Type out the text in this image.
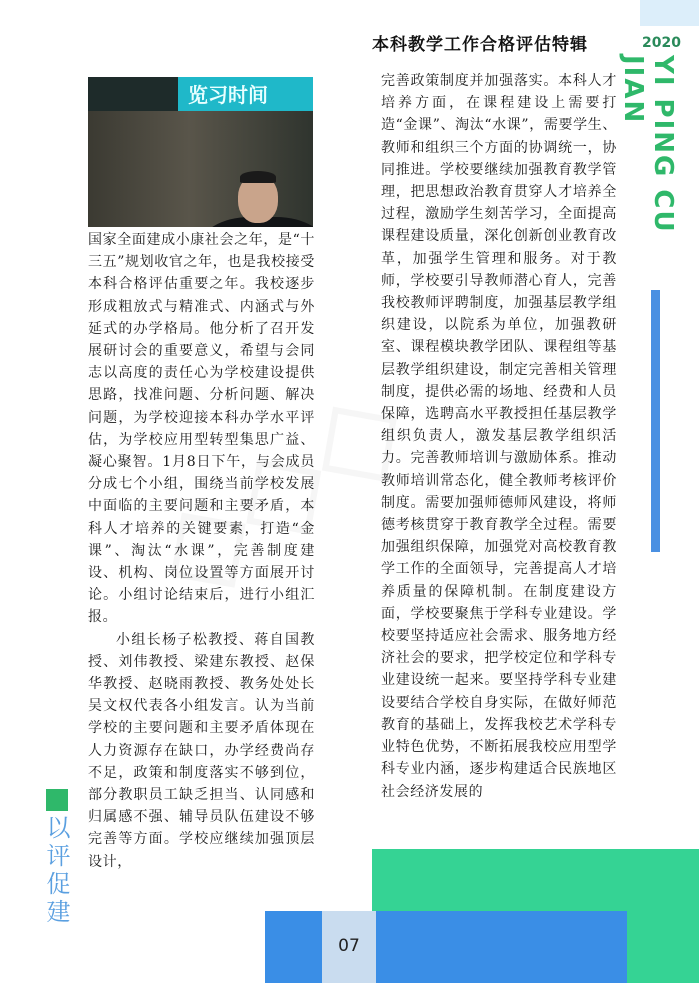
本科教学工作合格评估特辑	2020
YI PING CU JIAN
览习时间

国家全面建成小康社会之年，是“十三五”规划收官之年，也是我校接受本科合格评估重要之年。我校逐步形成粗放式与精准式、内涵式与外延式的办学格局。他分析了召开发展研讨会的重要意义，希望与会同志以高度的责任心为学校建设提供思路，找准问题、分析问题、解决问题，为学校迎接本科办学水平评估，为学校应用型转型集思广益、凝心聚智。1月8日下午，与会成员分成七个小组，围绕当前学校发展中面临的主要问题和主要矛盾，本科人才培养的关键要素，打造“金课”、淘汰“水课”，完善制度建设、机构、岗位设置等方面展开讨论。小组讨论结束后，进行小组汇报。

小组长杨子松教授、蒋自国教授、刘伟教授、梁建东教授、赵保华教授、赵晓雨教授、教务处处长吴文权代表各小组发言。认为当前学校的主要问题和主要矛盾体现在人力资源存在缺口，办学经费尚存不足，政策和制度落实不够到位，部分教职员工缺乏担当、认同感和归属感不强、辅导员队伍建设不够完善等方面。学校应继续加强顶层设计，

完善政策制度并加强落实。本科人才培养方面，在课程建设上需要打造“金课”、淘汰“水课”，需要学生、教师和组织三个方面的协调统一，协同推进。学校要继续加强教育教学管理，把思想政治教育贯穿人才培养全过程，激励学生刻苦学习，全面提高课程建设质量，深化创新创业教育改革，加强学生管理和服务。对于教师，学校要引导教师潜心育人，完善我校教师评聘制度，加强基层教学组织建设，以院系为单位，加强教研室、课程模块教学团队、课程组等基层教学组织建设，制定完善相关管理制度，提供必需的场地、经费和人员保障，选聘高水平教授担任基层教学组织负责人，激发基层教学组织活力。完善教师培训与激励体系。推动教师培训常态化，健全教师考核评价制度。需要加强师德师风建设，将师德考核贯穿于教育教学全过程。需要加强组织保障，加强党对高校教育教学工作的全面领导，完善提高人才培养质量的保障机制。在制度建设方面，学校要聚焦于学科专业建设。学校要坚持适应社会需求、服务地方经济社会的要求，把学校定位和学科专业建设统一起来。要坚持学科专业建设要结合学校自身实际，在做好师范教育的基础上，发挥我校艺术学科专业特色优势，不断拓展我校应用型学科专业内涵，逐步构建适合民族地区社会经济发展的

以评促建
07
